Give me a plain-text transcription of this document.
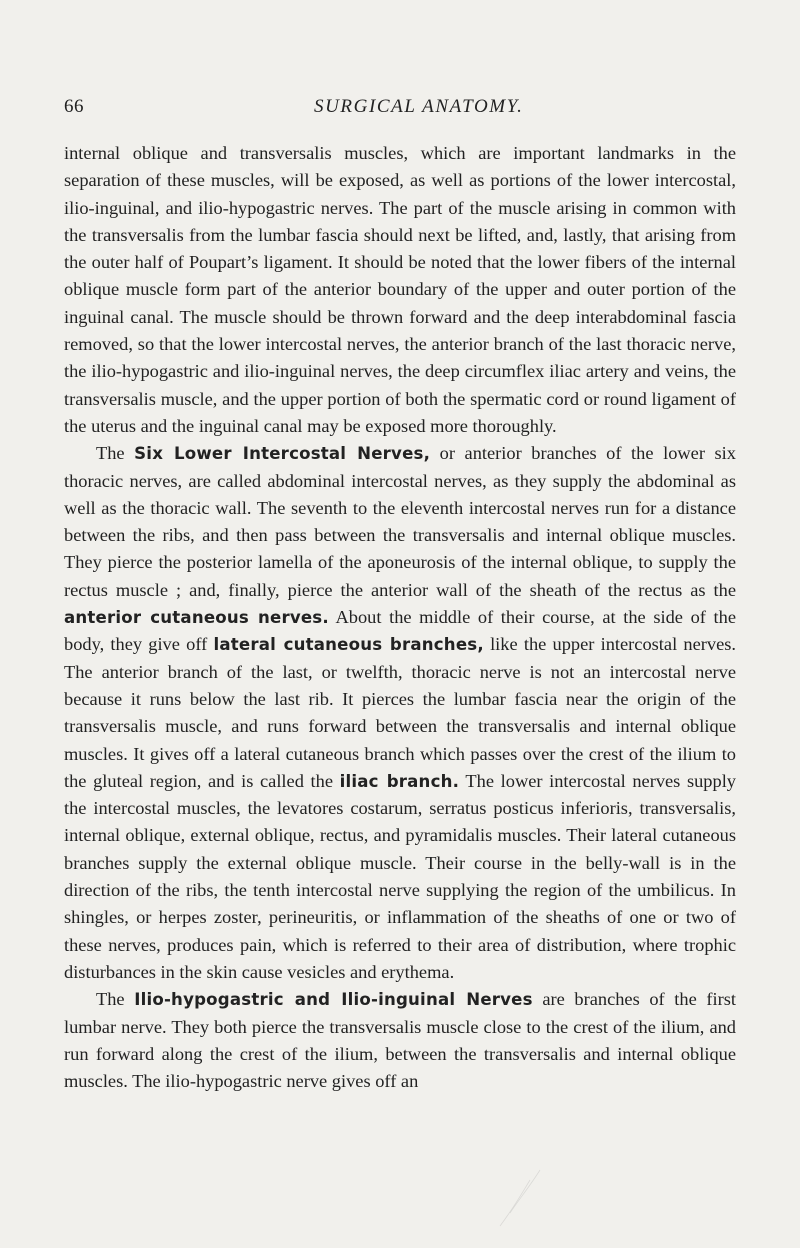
66	SURGICAL ANATOMY.

internal oblique and transversalis muscles, which are important landmarks in the separation of these muscles, will be exposed, as well as portions of the lower intercostal, ilio-inguinal, and ilio-hypogastric nerves. The part of the muscle arising in common with the transversalis from the lumbar fascia should next be lifted, and, lastly, that arising from the outer half of Poupart’s ligament. It should be noted that the lower fibers of the internal oblique muscle form part of the anterior boundary of the upper and outer portion of the inguinal canal. The muscle should be thrown forward and the deep interabdominal fascia removed, so that the lower intercostal nerves, the anterior branch of the last thoracic nerve, the ilio-hypogastric and ilio-inguinal nerves, the deep circumflex iliac artery and veins, the transversalis muscle, and the upper portion of both the spermatic cord or round ligament of the uterus and the inguinal canal may be exposed more thoroughly.

The Six Lower Intercostal Nerves, or anterior branches of the lower six thoracic nerves, are called abdominal intercostal nerves, as they supply the abdominal as well as the thoracic wall. The seventh to the eleventh intercostal nerves run for a distance between the ribs, and then pass between the transversalis and internal oblique muscles. They pierce the posterior lamella of the aponeurosis of the internal oblique, to supply the rectus muscle ; and, finally, pierce the anterior wall of the sheath of the rectus as the anterior cutaneous nerves. About the middle of their course, at the side of the body, they give off lateral cutaneous branches, like the upper intercostal nerves. The anterior branch of the last, or twelfth, thoracic nerve is not an intercostal nerve because it runs below the last rib. It pierces the lumbar fascia near the origin of the transversalis muscle, and runs forward between the transversalis and internal oblique muscles. It gives off a lateral cutaneous branch which passes over the crest of the ilium to the gluteal region, and is called the iliac branch. The lower intercostal nerves supply the intercostal muscles, the levatores costarum, serratus posticus inferioris, transversalis, internal oblique, external oblique, rectus, and pyramidalis muscles. Their lateral cutaneous branches supply the external oblique muscle. Their course in the belly-wall is in the direction of the ribs, the tenth intercostal nerve supplying the region of the umbilicus. In shingles, or herpes zoster, perineuritis, or inflammation of the sheaths of one or two of these nerves, produces pain, which is referred to their area of distribution, where trophic disturbances in the skin cause vesicles and erythema.

The Ilio-hypogastric and Ilio-inguinal Nerves are branches of the first lumbar nerve. They both pierce the transversalis muscle close to the crest of the ilium, and run forward along the crest of the ilium, between the transversalis and internal oblique muscles. The ilio-hypogastric nerve gives off an
